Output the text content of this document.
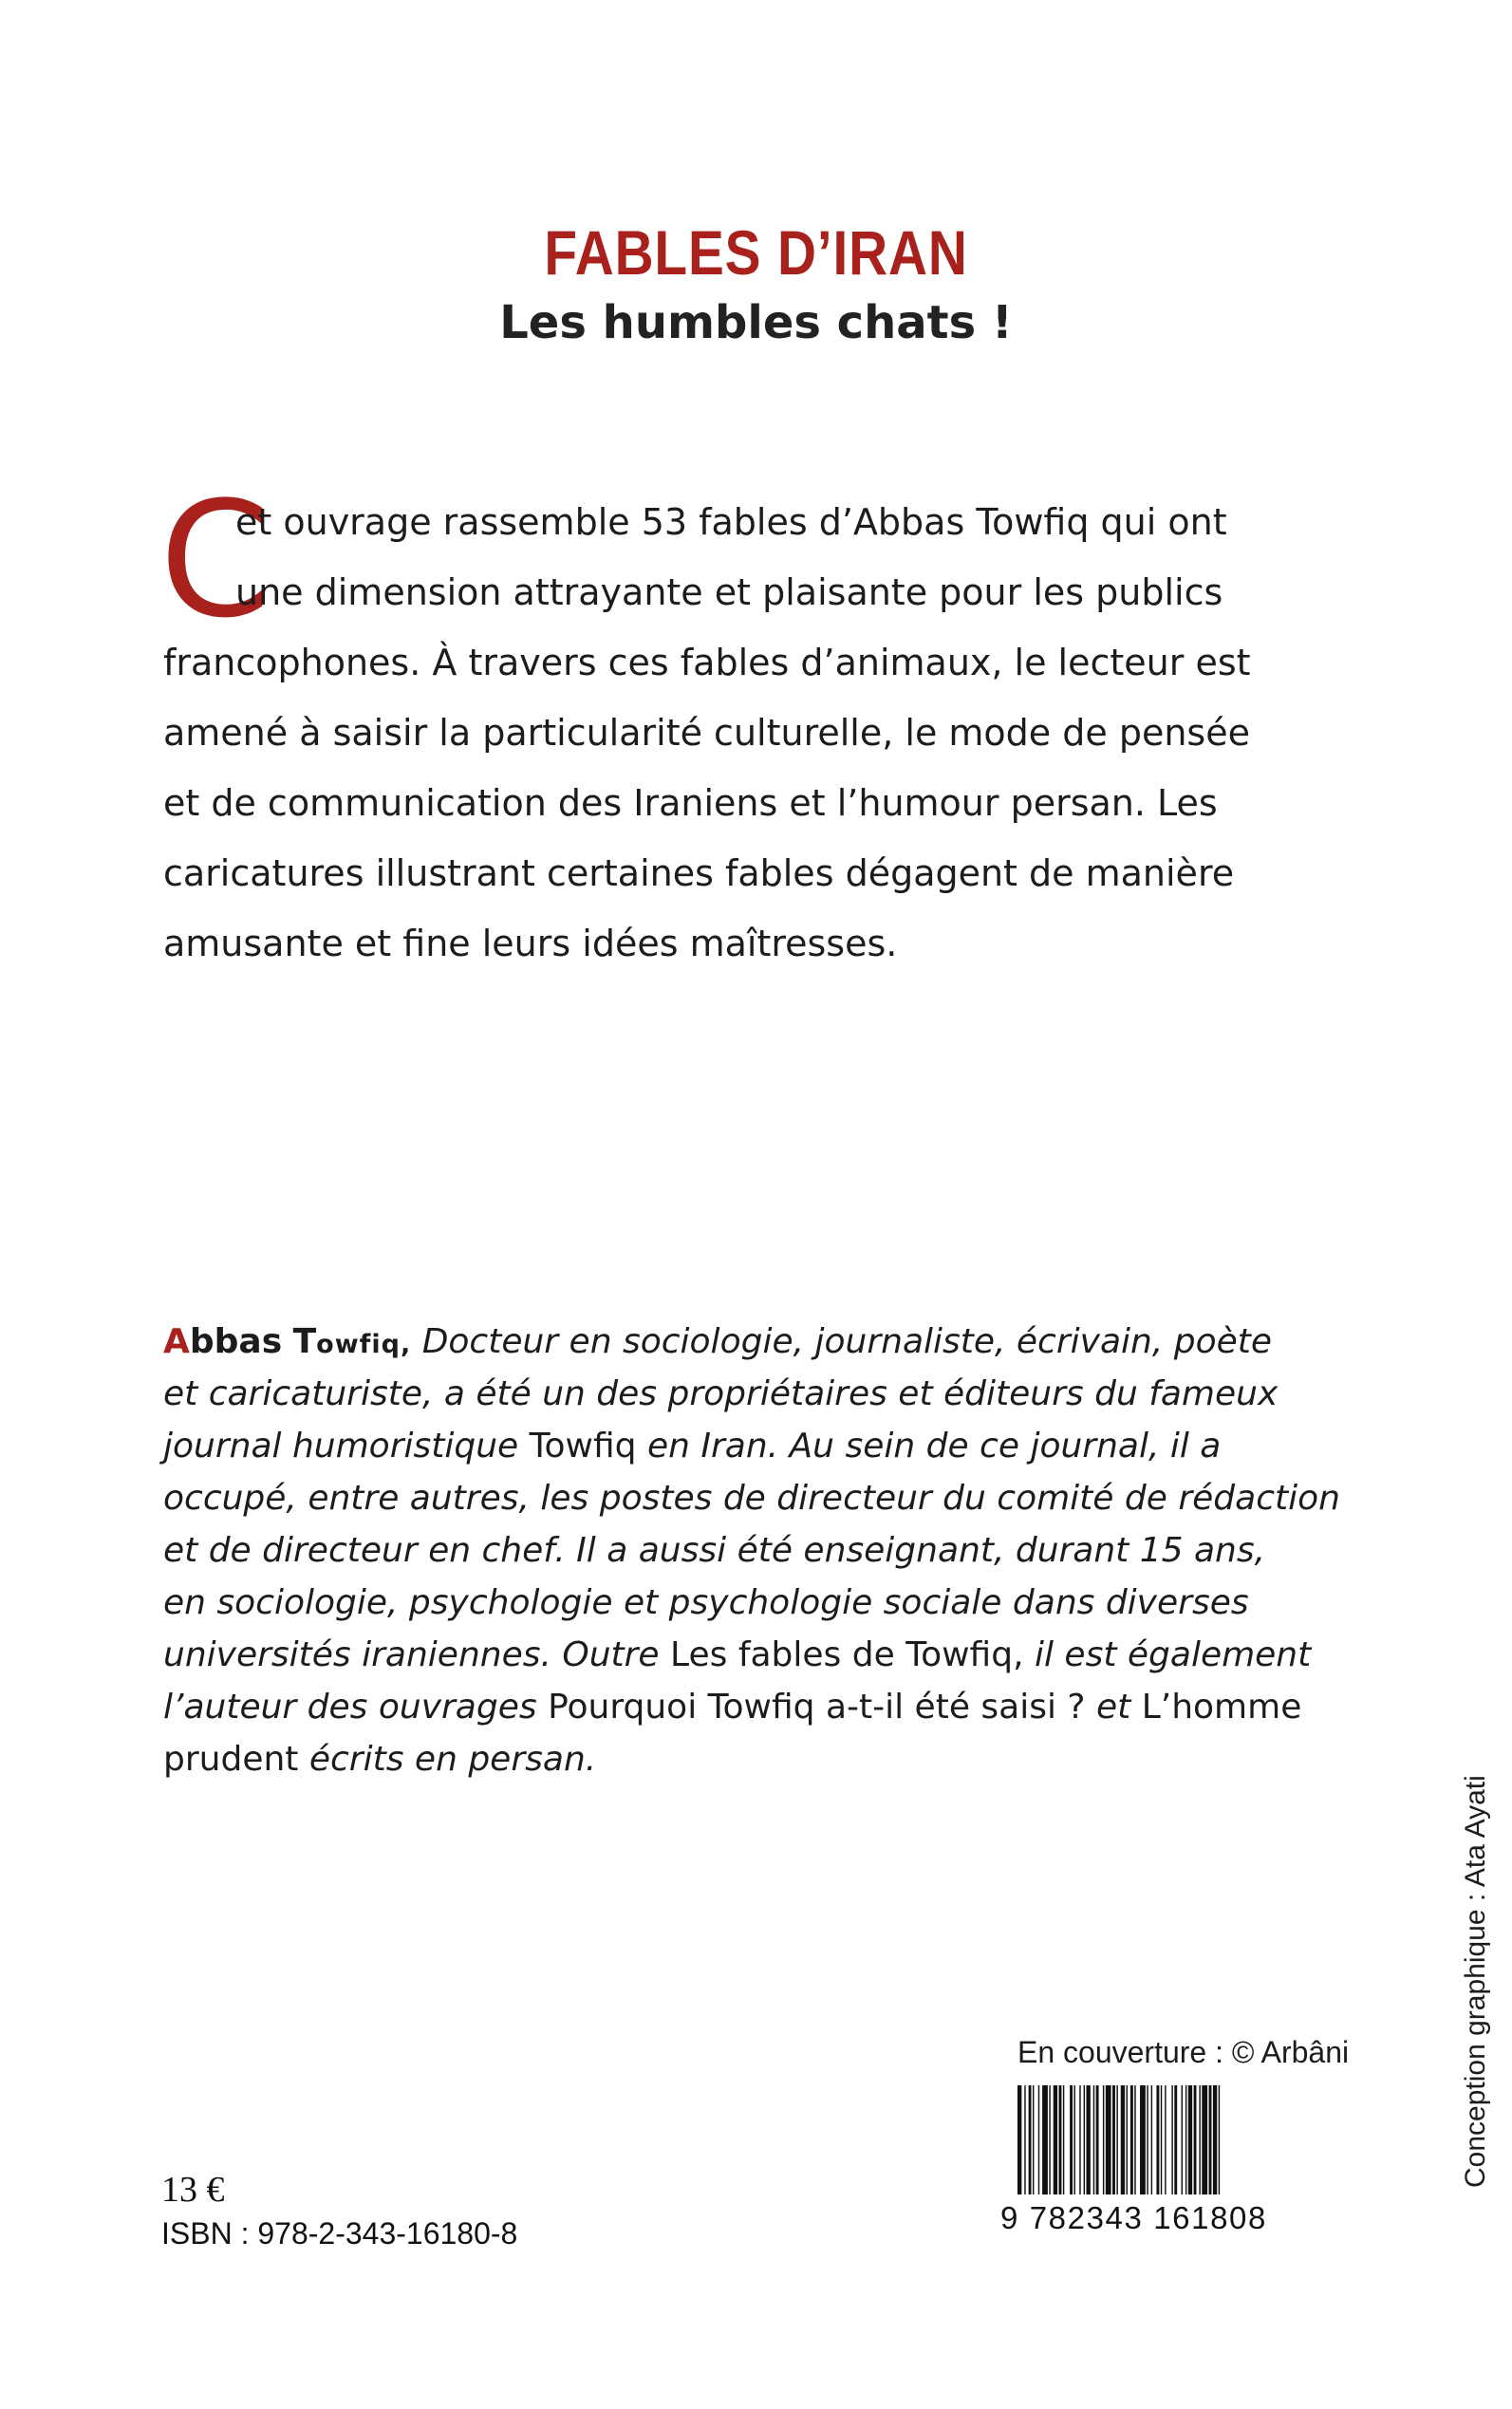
FABLES D’IRAN
Les humbles chats !
C
et ouvrage rassemble 53 fables d’Abbas Towfiq qui ont
une dimension attrayante et plaisante pour les publics
francophones. À travers ces fables d’animaux, le lecteur est
amené à saisir la particularité culturelle, le mode de pensée
et de communication des Iraniens et l’humour persan. Les
caricatures illustrant certaines fables dégagent de manière
amusante et fine leurs idées maîtresses.
Abbas Towfiq, Docteur en sociologie, journaliste, écrivain, poète
et caricaturiste, a été un des propriétaires et éditeurs du fameux
journal humoristique Towfiq en Iran. Au sein de ce journal, il a
occupé, entre autres, les postes de directeur du comité de rédaction
et de directeur en chef. Il a aussi été enseignant, durant 15 ans,
en sociologie, psychologie et psychologie sociale dans diverses
universités iraniennes. Outre Les fables de Towfiq, il est également
l’auteur des ouvrages Pourquoi Towfiq a-t-il été saisi ? et L’homme
prudent écrits en persan.
En couverture : © Arbâni
9 782343 161808
13 €
ISBN : 978-2-343-16180-8
Conception graphique : Ata Ayati
